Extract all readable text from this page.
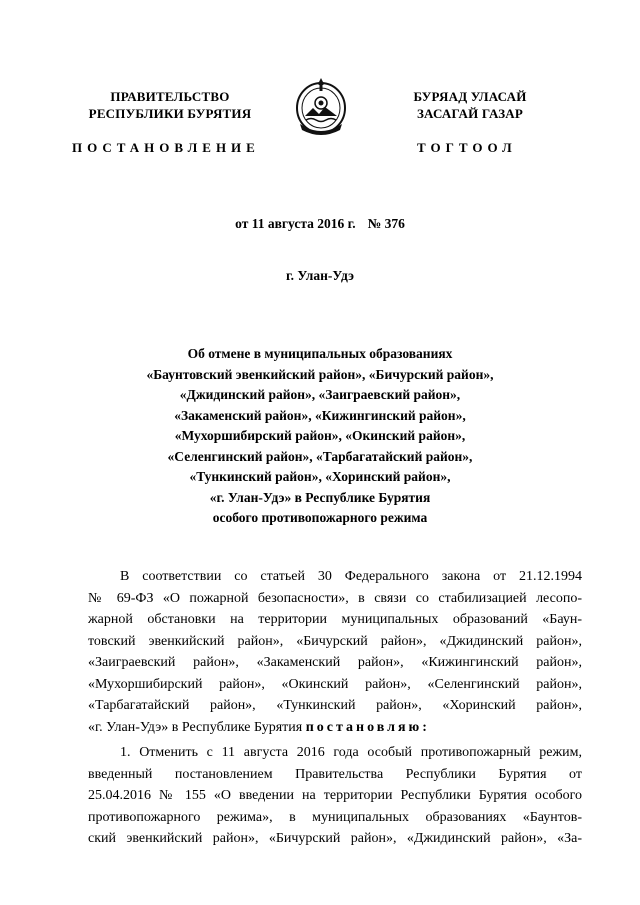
ПРАВИТЕЛЬСТВО
РЕСПУБЛИКИ БУРЯТИЯ
БУРЯАД УЛАСАЙ
ЗАСАГАЙ ГАЗАР
ПОСТАНОВЛЕНИЕ	ТОГТООЛ
от 11 августа 2016 г. № 376
г. Улан-Удэ
Об отмене в муниципальных образованиях
«Баунтовский эвенкийский район», «Бичурский район»,
«Джидинский район», «Заиграевский район»,
«Закаменский район», «Кижингинский район»,
«Мухоршибирский район», «Окинский район»,
«Селенгинский район», «Тарбагатайский район»,
«Тункинский район», «Хоринский район»,
«г. Улан-Удэ» в Республике Бурятия
особого противопожарного режима
В соответствии со статьей 30 Федерального закона от 21.12.1994
№ 69-ФЗ «О пожарной безопасности», в связи со стабилизацией лесопо-
жарной обстановки на территории муниципальных образований «Баун-
товский эвенкийский район», «Бичурский район», «Джидинский район»,
«Заиграевский район», «Закаменский район», «Кижингинский район»,
«Мухоршибирский район», «Окинский район», «Селенгинский район»,
«Тарбагатайский район», «Тункинский район», «Хоринский район»,
«г. Улан-Удэ» в Республике Бурятия постановляю:
1. Отменить с 11 августа 2016 года особый противопожарный режим,
введенный постановлением Правительства Республики Бурятия от
25.04.2016 № 155 «О введении на территории Республики Бурятия особого
противопожарного режима», в муниципальных образованиях «Баунтов-
ский эвенкийский район», «Бичурский район», «Джидинский район», «За-
